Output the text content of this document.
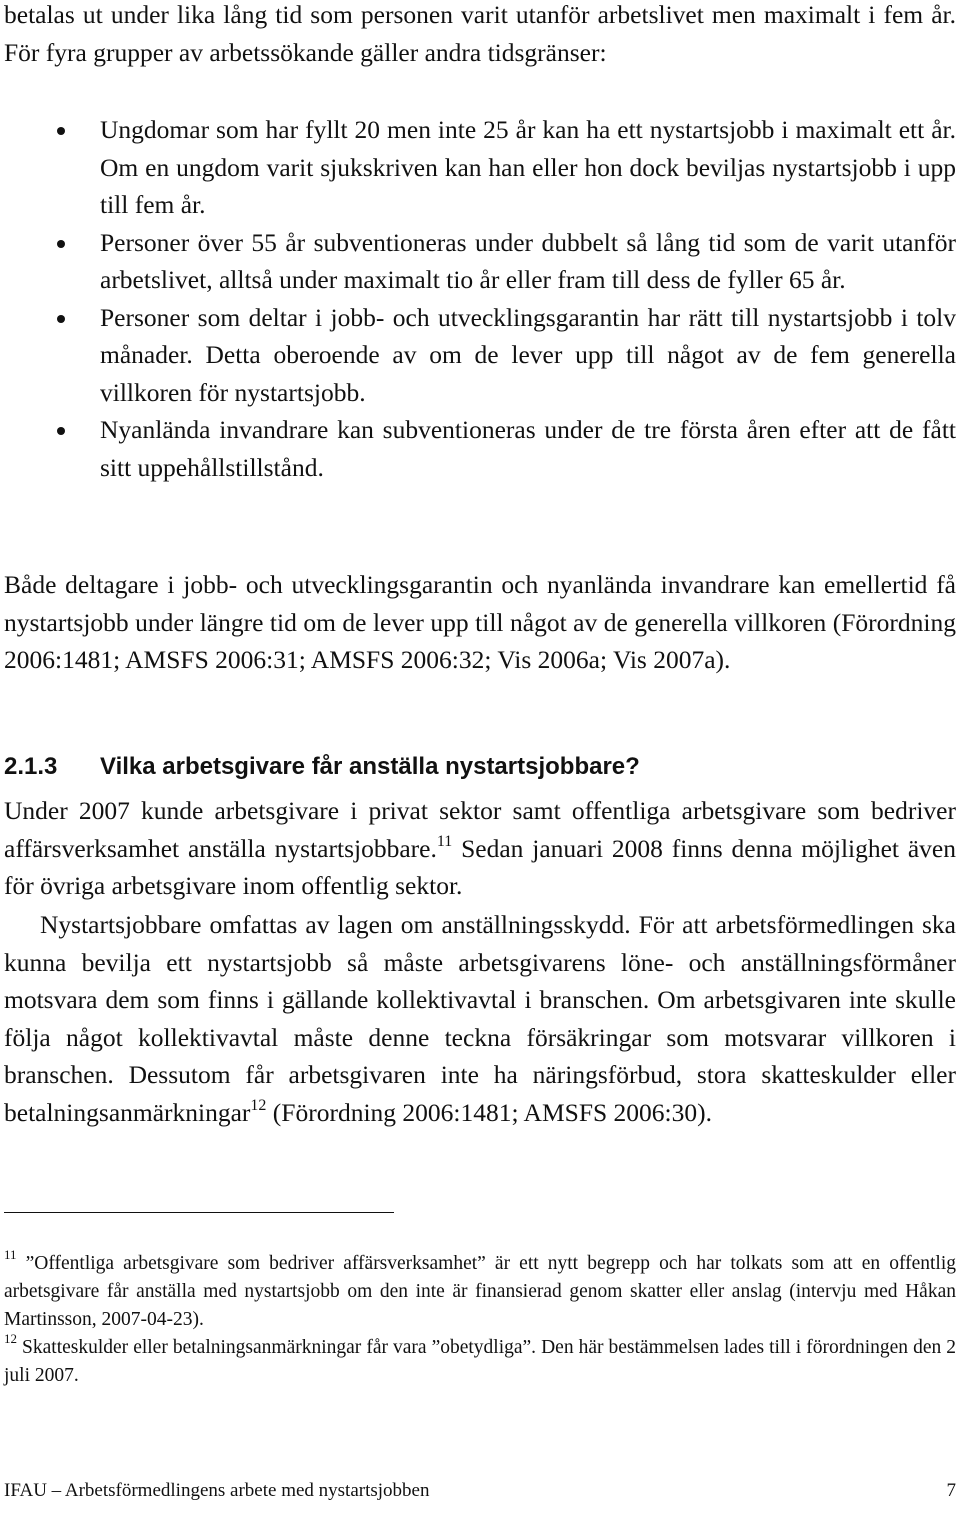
betalas ut under lika lång tid som personen varit utanför arbetslivet men maximalt i fem år. För fyra grupper av arbetssökande gäller andra tidsgränser:

Ungdomar som har fyllt 20 men inte 25 år kan ha ett nystartsjobb i maximalt ett år. Om en ungdom varit sjukskriven kan han eller hon dock beviljas nystartsjobb i upp till fem år.
Personer över 55 år subventioneras under dubbelt så lång tid som de varit utanför arbetslivet, alltså under maximalt tio år eller fram till dess de fyller 65 år.
Personer som deltar i jobb- och utvecklingsgarantin har rätt till nystartsjobb i tolv månader. Detta oberoende av om de lever upp till något av de fem generella villkoren för nystartsjobb.
Nyanlända invandrare kan subventioneras under de tre första åren efter att de fått sitt uppehållstillstånd.

Både deltagare i jobb- och utvecklingsgarantin och nyanlända invandrare kan emellertid få nystartsjobb under längre tid om de lever upp till något av de generella villkoren (Förordning 2006:1481; AMSFS 2006:31; AMSFS 2006:32; Vis 2006a; Vis 2007a).

2.1.3 Vilka arbetsgivare får anställa nystartsjobbare?

Under 2007 kunde arbetsgivare i privat sektor samt offentliga arbetsgivare som bedriver affärsverksamhet anställa nystartsjobbare.$^{11}$ Sedan januari 2008 finns denna möjlighet även för övriga arbetsgivare inom offentlig sektor.

Nystartsjobbare omfattas av lagen om anställningsskydd. För att arbetsförmedlingen ska kunna bevilja ett nystartsjobb så måste arbetsgivarens löne- och anställningsförmåner motsvara dem som finns i gällande kollektivavtal i branschen. Om arbetsgivaren inte skulle följa något kollektivavtal måste denne teckna försäkringar som motsvarar villkoren i branschen. Dessutom får arbetsgivaren inte ha näringsförbud, stora skatteskulder eller betalningsanmärkningar$^{12}$ (Förordning 2006:1481; AMSFS 2006:30).

$^{11}$ ”Offentliga arbetsgivare som bedriver affärsverksamhet” är ett nytt begrepp och har tolkats som att en offentlig arbetsgivare får anställa med nystartsjobb om den inte är finansierad genom skatter eller anslag (intervju med Håkan Martinsson, 2007-04-23).

$^{12}$ Skatteskulder eller betalningsanmärkningar får vara ”obetydliga”. Den här bestämmelsen lades till i förordningen den 2 juli 2007.

IFAU – Arbetsförmedlingens arbete med nystartsjobben	7
